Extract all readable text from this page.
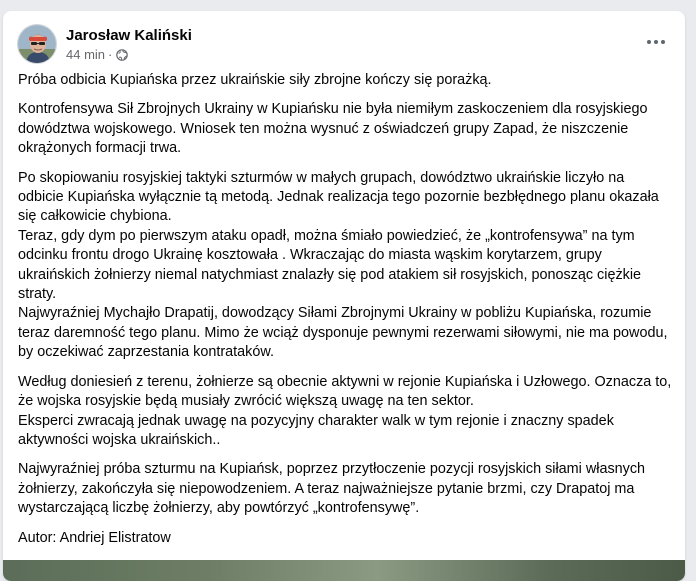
Jarosław Kaliński
44 min ·

Próba odbicia Kupiańska przez ukraińskie siły zbrojne kończy się porażką.

Kontrofensywa Sił Zbrojnych Ukrainy w Kupiańsku nie była niemiłym zaskoczeniem dla rosyjskiego dowództwa wojskowego. Wniosek ten można wysnuć z oświadczeń grupy Zapad, że niszczenie okrążonych formacji trwa.

Po skopiowaniu rosyjskiej taktyki szturmów w małych grupach, dowództwo ukraińskie liczyło na odbicie Kupiańska wyłącznie tą metodą. Jednak realizacja tego pozornie bezbłędnego planu okazała się całkowicie chybiona.
Teraz, gdy dym po pierwszym ataku opadł, można śmiało powiedzieć, że „kontrofensywa” na tym odcinku frontu drogo Ukrainę kosztowała . Wkraczając do miasta wąskim korytarzem, grupy ukraińskich żołnierzy niemal natychmiast znalazły się pod atakiem sił rosyjskich, ponosząc ciężkie straty.
Najwyraźniej Mychajło Drapatij, dowodzący Siłami Zbrojnymi Ukrainy w pobliżu Kupiańska, rozumie teraz daremność tego planu. Mimo że wciąż dysponuje pewnymi rezerwami siłowymi, nie ma powodu, by oczekiwać zaprzestania kontrataków.

Według doniesień z terenu, żołnierze są obecnie aktywni w rejonie Kupiańska i Uzłowego. Oznacza to, że wojska rosyjskie będą musiały zwrócić większą uwagę na ten sektor.
Eksperci zwracają jednak uwagę na pozycyjny charakter walk w tym rejonie i znaczny spadek aktywności wojska ukraińskich..

Najwyraźniej próba szturmu na Kupiańsk, poprzez przytłoczenie pozycji rosyjskich siłami własnych żołnierzy, zakończyła się niepowodzeniem. A teraz najważniejsze pytanie brzmi, czy Drapatoj ma wystarczającą liczbę żołnierzy, aby powtórzyć „kontrofensywę”.

Autor: Andriej Elistratow
